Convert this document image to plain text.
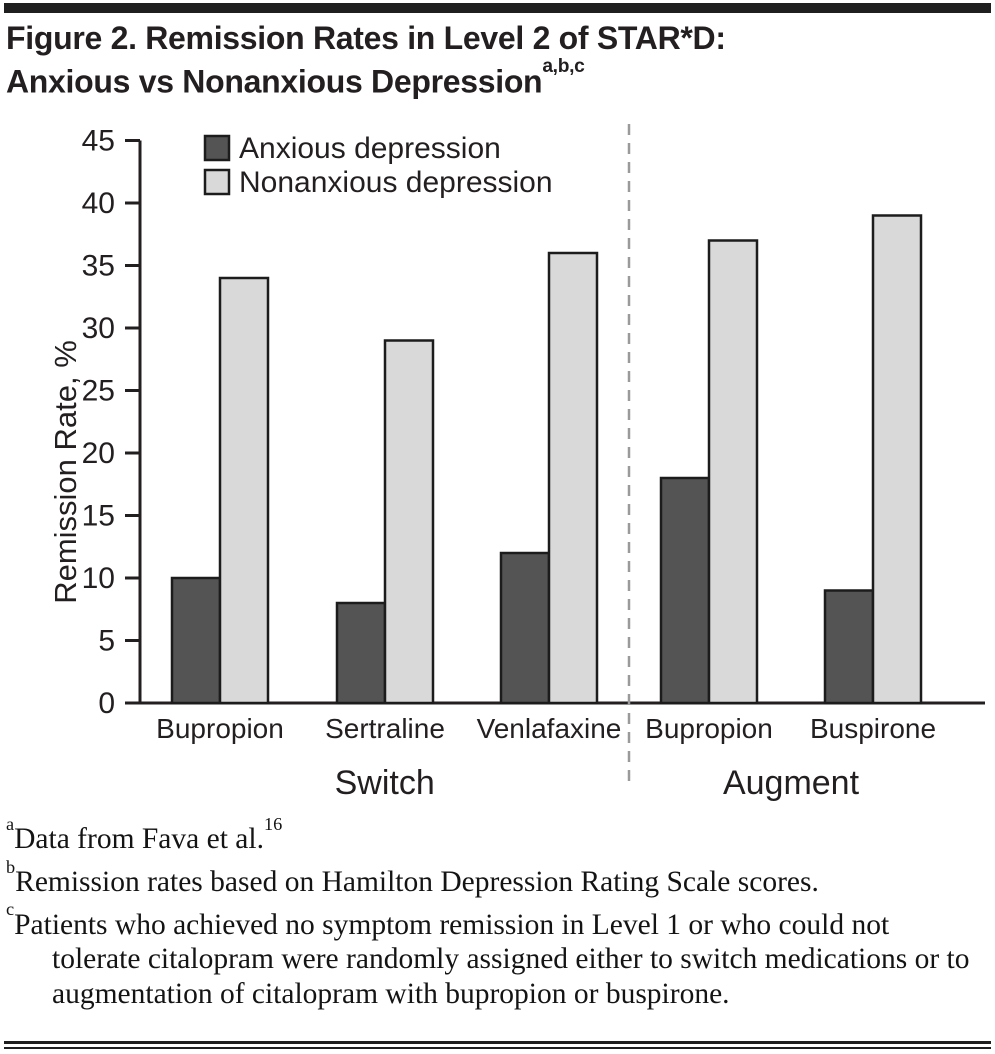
Figure 2. Remission Rates in Level 2 of STAR*D:
Anxious vs Nonanxious Depression$^{a,b,c}$
0
5
10
15
20
25
30
35
40
45
Remission Rate, %
Bupropion Sertraline Venlafaxine Bupropion Buspirone
Switch	Augment
Anxious depression
Nonanxious depression

$^a$Data from Fava et al.$^{16}$

$^b$Remission rates based on Hamilton Depression Rating Scale scores.

$^c$Patients who achieved no symptom remission in Level 1 or who could not tolerate citalopram were randomly assigned either to switch medications or to augmentation of citalopram with bupropion or buspirone.
